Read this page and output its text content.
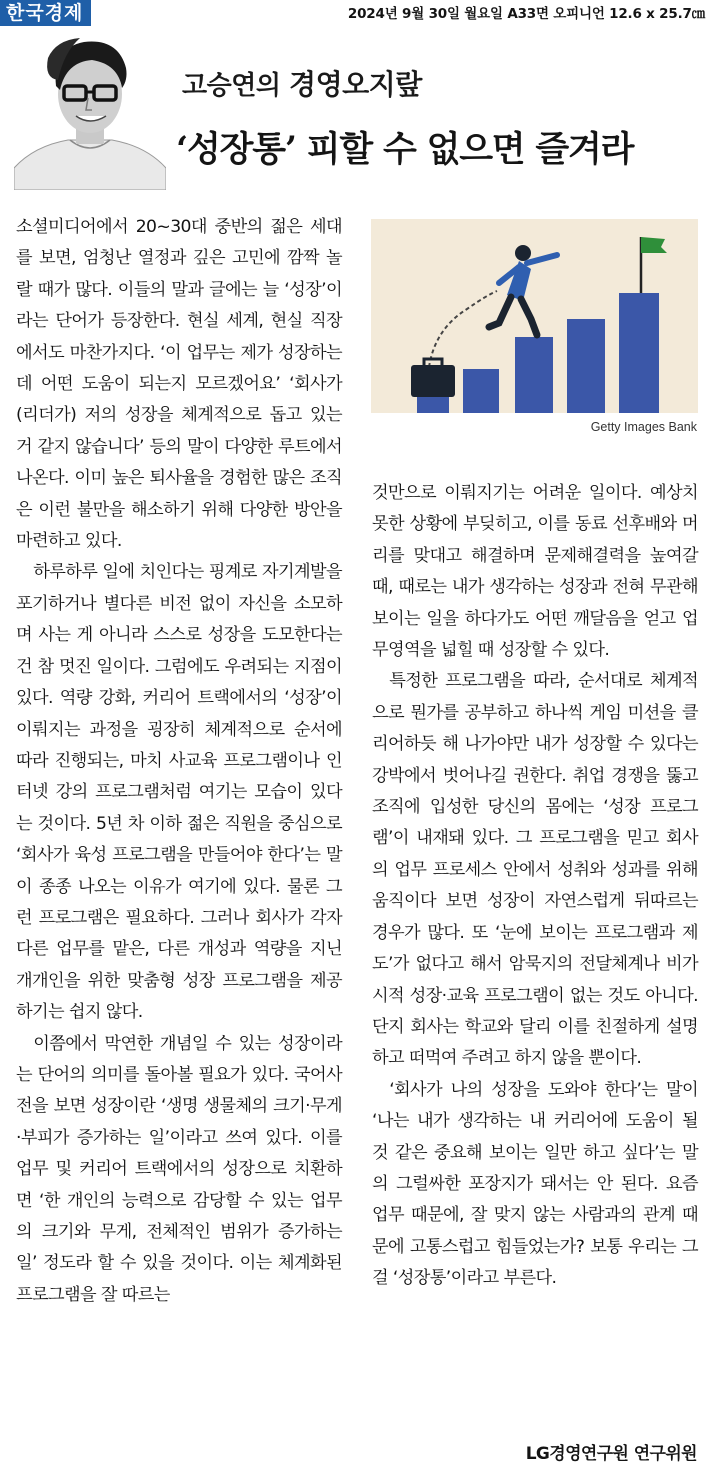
한국경제	2024년 9월 30일 월요일 A33면 오피니언 12.6 x 25.7㎝
고승연의 경영오지랖
‘성장통’ 피할 수 없으면 즐겨라

소셜미디어에서 20~30대 중반의 젊은 세대를 보면, 엄청난 열정과 깊은 고민에 깜짝 놀랄 때가 많다. 이들의 말과 글에는 늘 ‘성장’이라는 단어가 등장한다. 현실 세계, 현실 직장에서도 마찬가지다. ‘이 업무는 제가 성장하는 데 어떤 도움이 되는지 모르겠어요’ ‘회사가(리더가) 저의 성장을 체계적으로 돕고 있는 거 같지 않습니다’ 등의 말이 다양한 루트에서 나온다. 이미 높은 퇴사율을 경험한 많은 조직은 이런 불만을 해소하기 위해 다양한 방안을 마련하고 있다.

하루하루 일에 치인다는 핑계로 자기계발을 포기하거나 별다른 비전 없이 자신을 소모하며 사는 게 아니라 스스로 성장을 도모한다는 건 참 멋진 일이다. 그럼에도 우려되는 지점이 있다. 역량 강화, 커리어 트랙에서의 ‘성장’이 이뤄지는 과정을 굉장히 체계적으로 순서에 따라 진행되는, 마치 사교육 프로그램이나 인터넷 강의 프로그램처럼 여기는 모습이 있다는 것이다. 5년 차 이하 젊은 직원을 중심으로 ‘회사가 육성 프로그램을 만들어야 한다’는 말이 종종 나오는 이유가 여기에 있다. 물론 그런 프로그램은 필요하다. 그러나 회사가 각자 다른 업무를 맡은, 다른 개성과 역량을 지닌 개개인을 위한 맞춤형 성장 프로그램을 제공하기는 쉽지 않다.

이쯤에서 막연한 개념일 수 있는 성장이라는 단어의 의미를 돌아볼 필요가 있다. 국어사전을 보면 성장이란 ‘생명 생물체의 크기·무게·부피가 증가하는 일’이라고 쓰여 있다. 이를 업무 및 커리어 트랙에서의 성장으로 치환하면 ‘한 개인의 능력으로 감당할 수 있는 업무의 크기와 무게, 전체적인 범위가 증가하는 일’ 정도라 할 수 있을 것이다. 이는 체계화된 프로그램을 잘 따르는

Getty Images Bank

것만으로 이뤄지기는 어려운 일이다. 예상치 못한 상황에 부딪히고, 이를 동료 선후배와 머리를 맞대고 해결하며 문제해결력을 높여갈 때, 때로는 내가 생각하는 성장과 전혀 무관해 보이는 일을 하다가도 어떤 깨달음을 얻고 업무영역을 넓힐 때 성장할 수 있다.

특정한 프로그램을 따라, 순서대로 체계적으로 뭔가를 공부하고 하나씩 게임 미션을 클리어하듯 해 나가야만 내가 성장할 수 있다는 강박에서 벗어나길 권한다. 취업 경쟁을 뚫고 조직에 입성한 당신의 몸에는 ‘성장 프로그램’이 내재돼 있다. 그 프로그램을 믿고 회사의 업무 프로세스 안에서 성취와 성과를 위해 움직이다 보면 성장이 자연스럽게 뒤따르는 경우가 많다. 또 ‘눈에 보이는 프로그램과 제도’가 없다고 해서 암묵지의 전달체계나 비가시적 성장·교육 프로그램이 없는 것도 아니다. 단지 회사는 학교와 달리 이를 친절하게 설명하고 떠먹여 주려고 하지 않을 뿐이다.

‘회사가 나의 성장을 도와야 한다’는 말이 ‘나는 내가 생각하는 내 커리어에 도움이 될 것 같은 중요해 보이는 일만 하고 싶다’는 말의 그럴싸한 포장지가 돼서는 안 된다. 요즘 업무 때문에, 잘 맞지 않는 사람과의 관계 때문에 고통스럽고 힘들었는가? 보통 우리는 그걸 ‘성장통’이라고 부른다.

LG경영연구원 연구위원
